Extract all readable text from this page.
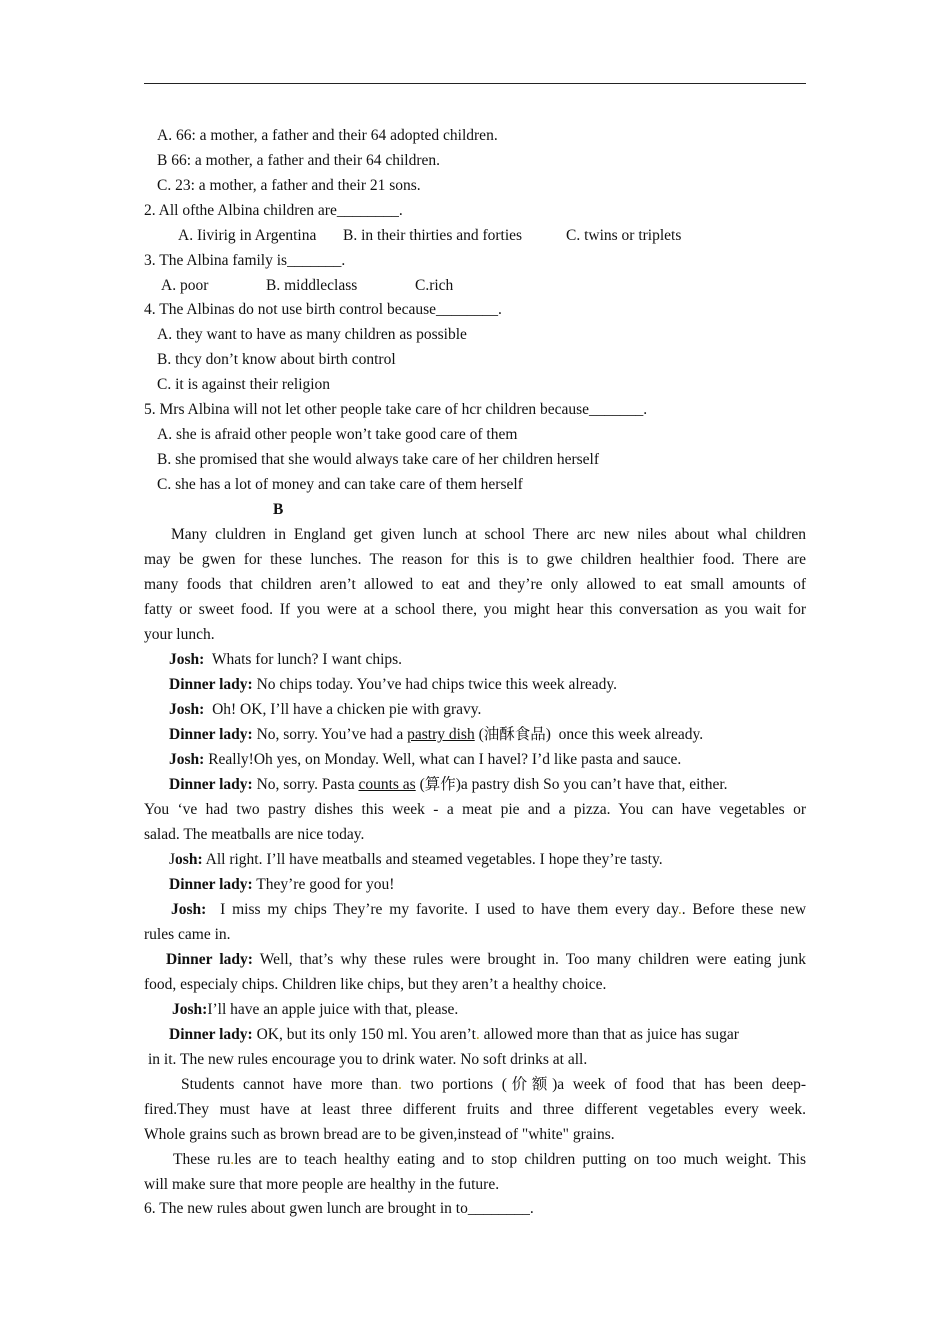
A. 66: a mother, a father and their 64 adopted children.
B 66: a mother, a father and their 64 children.
C. 23: a mother, a father and their 21 sons.
2. All ofthe Albina children are________.
A. Iivirig in Argentina B. in their thirties and forties	C. twins or triplets
3. The Albina family is_______.
A. poor	B. middleclass	C.rich
4. The Albinas do not use birth control because________.
A. they want to have as many children as possible
B. thcy don’t know about birth control
C. it is against their religion
5. Mrs Albina will not let other people take care of hcr children because_______.
A. she is afraid other people won’t take good care of them
B. she promised that she would always take care of her children herself
C. she has a lot of money and can take care of them herself
B
Many cluldren in England get given lunch at school There arc new niles about whal children
may be gwen for these lunches. The reason for this is to gwe children healthier food. There are
many foods that children aren’t allowed to eat and they’re only allowed to eat small amounts of
fatty or sweet food. If you were at a school there, you might hear this conversation as you wait for
your lunch.
Josh: Whats for lunch? I want chips.
Dinner lady: No chips today. You’ve had chips twice this week already.
Josh: Oh! OK, I’ll have a chicken pie with gravy.
Dinner lady: No, sorry. You’ve had a pastry dish (油酥食品) once this week already.
Josh: Really!Oh yes, on Monday. Well, what can I havel? I’d like pasta and sauce.
Dinner lady: No, sorry. Pasta counts as (算作)a pastry dish So you can’t have that, either.
You ‘ve had two pastry dishes this week - a meat pie and a pizza. You can have vegetables or
salad. The meatballs are nice today.
Josh: All right. I’ll have meatballs and steamed vegetables. I hope they’re tasty.
Dinner lady: They’re good for you!
Josh: I miss my chips They’re my favorite. I used to have them every day.. Before these new
rules came in.
Dinner lady: Well, that’s why these rules were brought in. Too many children were eating junk
food, especialy chips. Children like chips, but they aren’t a healthy choice.
Josh:I’ll have an apple juice with that, please.
Dinner lady: OK, but its only 150 ml. You aren’t. allowed more than that as juice has sugar
in it. The new rules encourage you to drink water. No soft drinks at all.
Students cannot have more than. two portions (价额)a week of food that has been deep-
fired.They must have at least three different fruits and three different vegetables every week.
Whole grains such as brown bread are to be given,instead of "white" grains.
These ru.les are to teach healthy eating and to stop children putting on too much weight. This
will make sure that more people are healthy in the future.
6. The new rules about gwen lunch are brought in to________.
